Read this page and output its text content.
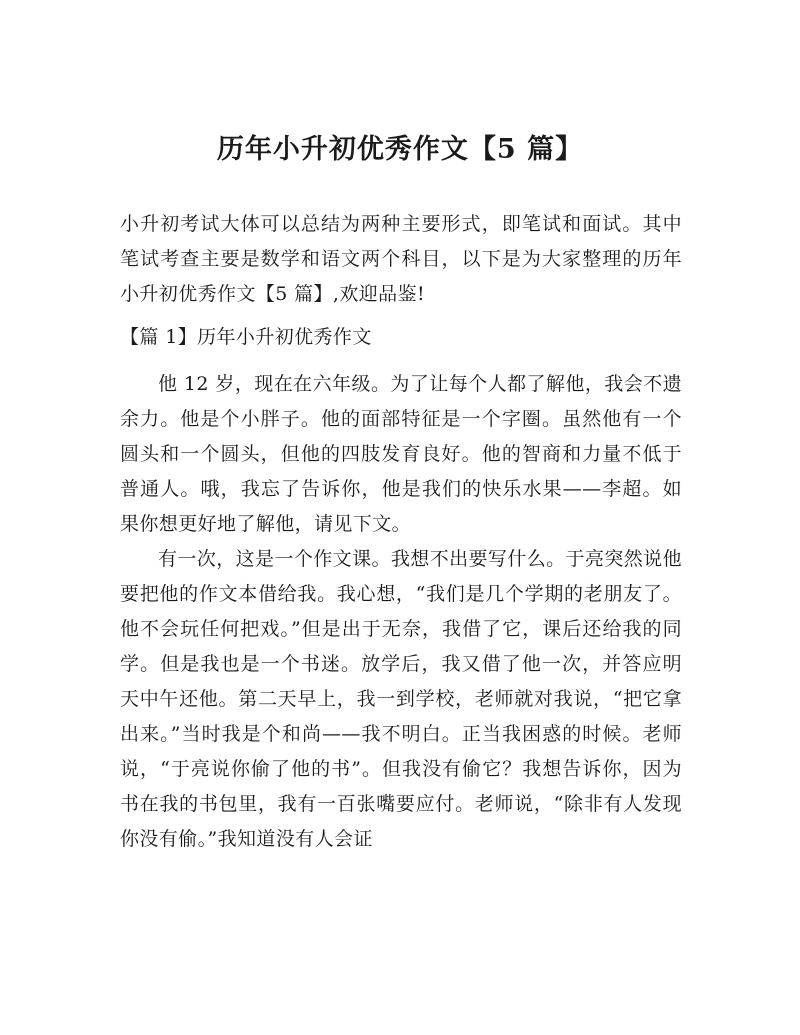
历年小升初优秀作文【5 篇】

小升初考试大体可以总结为两种主要形式，即笔试和面试。其中笔试考查主要是数学和语文两个科目，以下是为大家整理的历年小升初优秀作文【5 篇】,欢迎品鉴!

【篇 1】历年小升初优秀作文

他 12 岁，现在在六年级。为了让每个人都了解他，我会不遗余力。他是个小胖子。他的面部特征是一个字圈。虽然他有一个圆头和一个圆头，但他的四肢发育良好。他的智商和力量不低于普通人。哦，我忘了告诉你，他是我们的快乐水果——李超。如果你想更好地了解他，请见下文。

有一次，这是一个作文课。我想不出要写什么。于亮突然说他要把他的作文本借给我。我心想，“我们是几个学期的老朋友了。他不会玩任何把戏。”但是出于无奈，我借了它，课后还给我的同学。但是我也是一个书迷。放学后，我又借了他一次，并答应明天中午还他。第二天早上，我一到学校，老师就对我说，“把它拿出来。”当时我是个和尚——我不明白。正当我困惑的时候。老师说，“于亮说你偷了他的书”。但我没有偷它？我想告诉你，因为书在我的书包里，我有一百张嘴要应付。老师说，“除非有人发现你没有偷。”我知道没有人会证
